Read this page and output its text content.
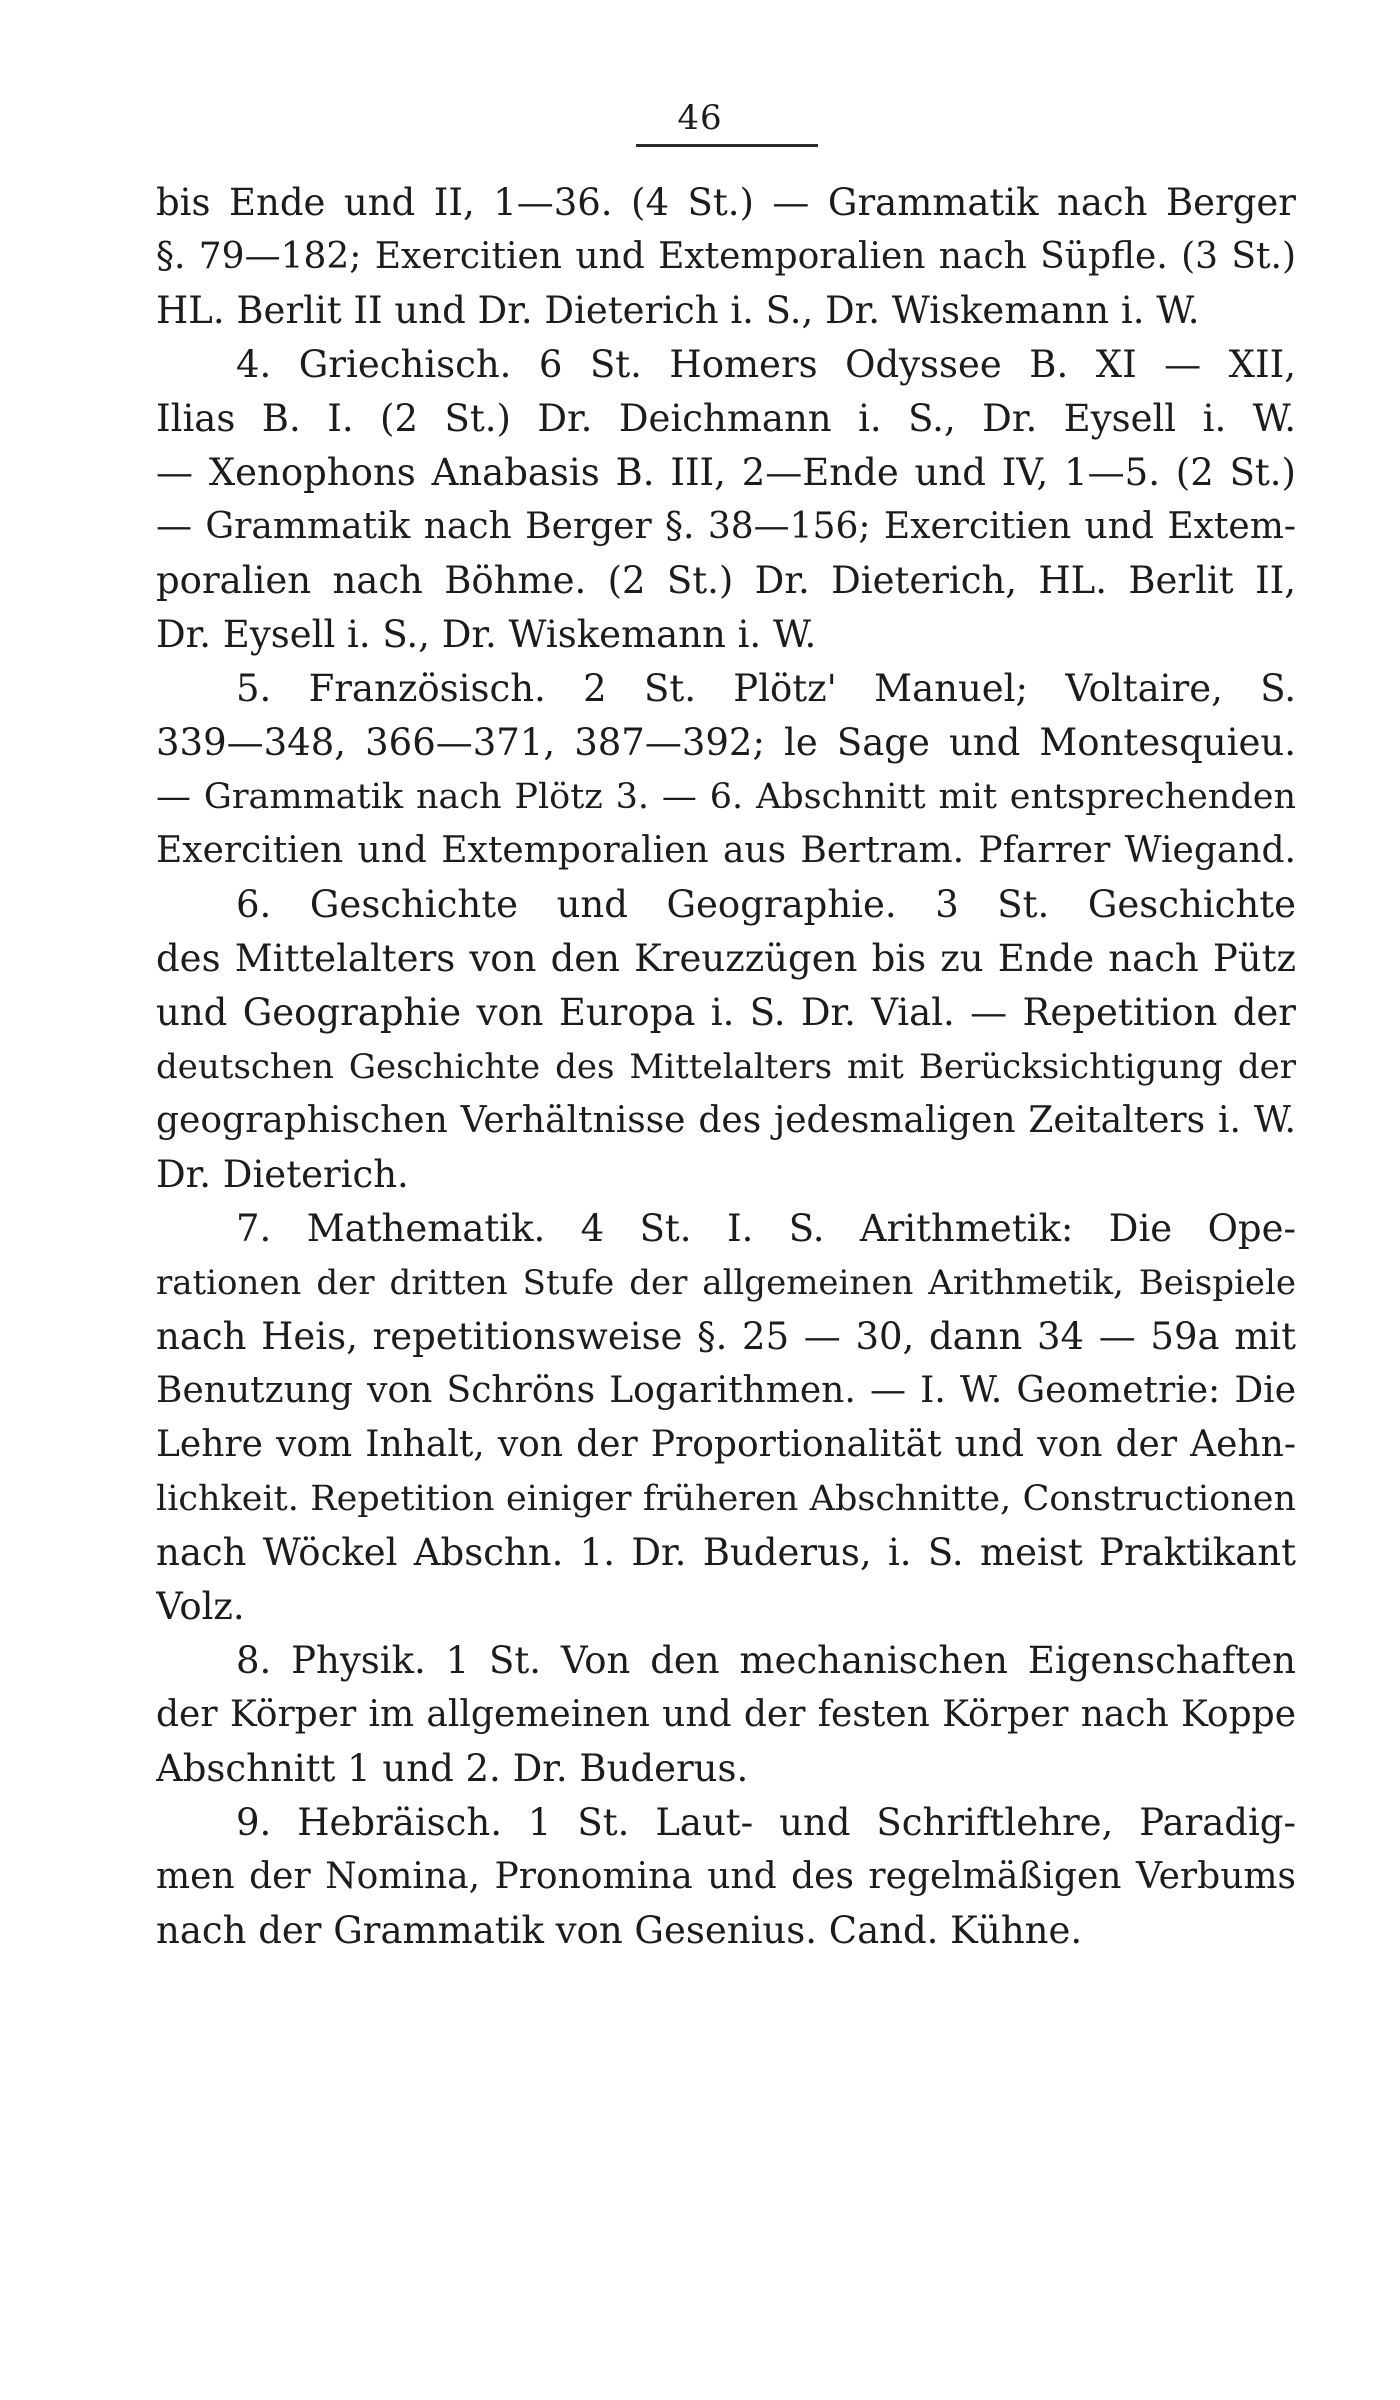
46
bis Ende und II, 1—36. (4 St.) — Grammatik nach Berger
§. 79—182; Exercitien und Extemporalien nach Süpfle. (3 St.)
HL. Berlit II und Dr. Dieterich i. S., Dr. Wiskemann i. W.
4. Griechisch. 6 St. Homers Odyssee B. XI — XII,
Ilias B. I. (2 St.) Dr. Deichmann i. S., Dr. Eysell i. W.
— Xenophons Anabasis B. III, 2—Ende und IV, 1—5. (2 St.)
— Grammatik nach Berger §. 38—156; Exercitien und Extem-
poralien nach Böhme. (2 St.) Dr. Dieterich, HL. Berlit II,
Dr. Eysell i. S., Dr. Wiskemann i. W.
5. Französisch. 2 St. Plötz' Manuel; Voltaire, S.
339—348, 366—371, 387—392; le Sage und Montesquieu.
— Grammatik nach Plötz 3. — 6. Abschnitt mit entsprechenden
Exercitien und Extemporalien aus Bertram. Pfarrer Wiegand.
6. Geschichte und Geographie. 3 St. Geschichte
des Mittelalters von den Kreuzzügen bis zu Ende nach Pütz
und Geographie von Europa i. S. Dr. Vial. — Repetition der
deutschen Geschichte des Mittelalters mit Berücksichtigung der
geographischen Verhältnisse des jedesmaligen Zeitalters i. W.
Dr. Dieterich.
7. Mathematik. 4 St. I. S. Arithmetik: Die Ope-
rationen der dritten Stufe der allgemeinen Arithmetik, Beispiele
nach Heis, repetitionsweise §. 25 — 30, dann 34 — 59a mit
Benutzung von Schröns Logarithmen. — I. W. Geometrie: Die
Lehre vom Inhalt, von der Proportionalität und von der Aehn-
lichkeit. Repetition einiger früheren Abschnitte, Constructionen
nach Wöckel Abschn. 1. Dr. Buderus, i. S. meist Praktikant
Volz.
8. Physik. 1 St. Von den mechanischen Eigenschaften
der Körper im allgemeinen und der festen Körper nach Koppe
Abschnitt 1 und 2. Dr. Buderus.
9. Hebräisch. 1 St. Laut- und Schriftlehre, Paradig-
men der Nomina, Pronomina und des regelmäßigen Verbums
nach der Grammatik von Gesenius. Cand. Kühne.
